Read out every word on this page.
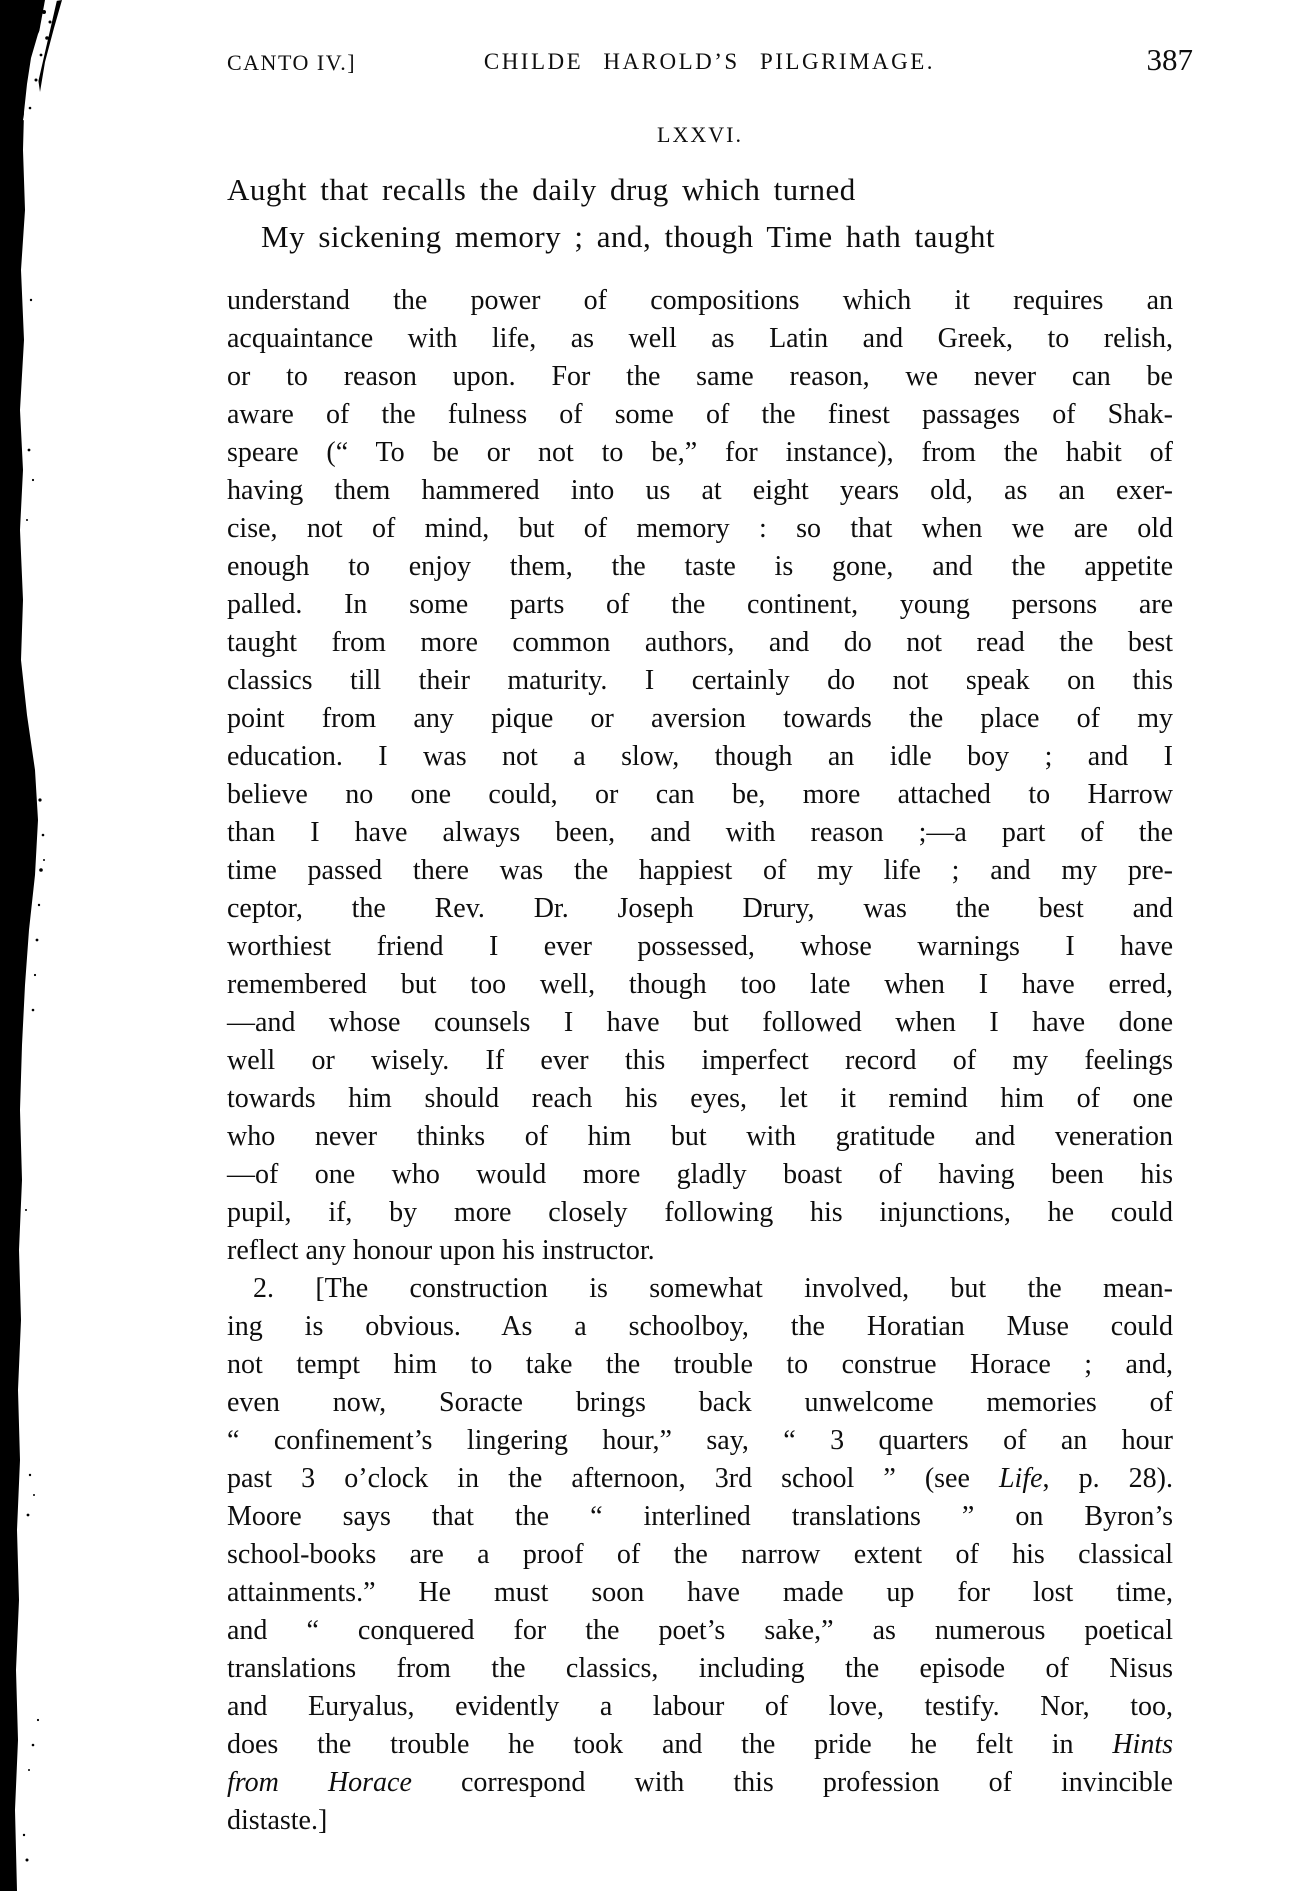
CANTO IV.]	CHILDE HAROLD’S PILGRIMAGE.	387
LXXVI.
Aught that recalls the daily drug which turned
My sickening memory ; and, though Time hath taught
understand the power of compositions which it requires an
acquaintance with life, as well as Latin and Greek, to relish,
or to reason upon. For the same reason, we never can be
aware of the fulness of some of the finest passages of Shak-
speare (“ To be or not to be,” for instance), from the habit of
having them hammered into us at eight years old, as an exer-
cise, not of mind, but of memory : so that when we are old
enough to enjoy them, the taste is gone, and the appetite
palled. In some parts of the continent, young persons are
taught from more common authors, and do not read the best
classics till their maturity. I certainly do not speak on this
point from any pique or aversion towards the place of my
education. I was not a slow, though an idle boy ; and I
believe no one could, or can be, more attached to Harrow
than I have always been, and with reason ;—a part of the
time passed there was the happiest of my life ; and my pre-
ceptor, the Rev. Dr. Joseph Drury, was the best and
worthiest friend I ever possessed, whose warnings I have
remembered but too well, though too late when I have erred,
—and whose counsels I have but followed when I have done
well or wisely. If ever this imperfect record of my feelings
towards him should reach his eyes, let it remind him of one
who never thinks of him but with gratitude and veneration
—of one who would more gladly boast of having been his
pupil, if, by more closely following his injunctions, he could
reflect any honour upon his instructor.
2. [The construction is somewhat involved, but the mean-
ing is obvious. As a schoolboy, the Horatian Muse could
not tempt him to take the trouble to construe Horace ; and,
even now, Soracte brings back unwelcome memories of
“ confinement’s lingering hour,” say, “ 3 quarters of an hour
past 3 o’clock in the afternoon, 3rd school ” (see Life, p. 28).
Moore says that the “ interlined translations ” on Byron’s
school-books are a proof of the narrow extent of his classical
attainments.” He must soon have made up for lost time,
and “ conquered for the poet’s sake,” as numerous poetical
translations from the classics, including the episode of Nisus
and Euryalus, evidently a labour of love, testify. Nor, too,
does the trouble he took and the pride he felt in Hints
from Horace correspond with this profession of invincible
distaste.]
